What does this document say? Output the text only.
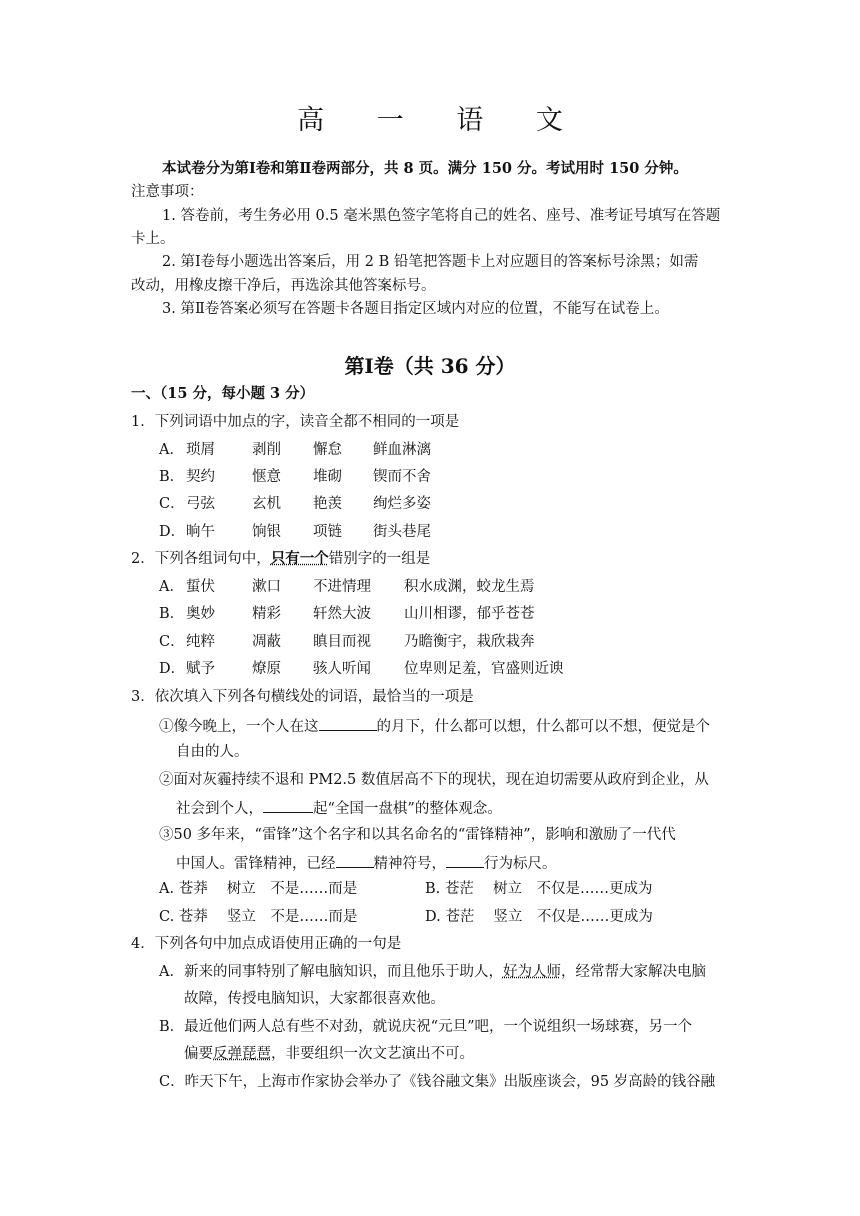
高 一 语 文
本试卷分为第Ⅰ卷和第Ⅱ卷两部分，共 8 页。满分 150 分。考试用时 150 分钟。
注意事项：
1. 答卷前，考生务必用 0.5 毫米黑色签字笔将自己的姓名、座号、准考证号填写在答题
卡上。
2. 第Ⅰ卷每小题选出答案后，用 2 B 铅笔把答题卡上对应题目的答案标号涂黑；如需
改动，用橡皮擦干净后，再选涂其他答案标号。
3. 第Ⅱ卷答案必须写在答题卡各题目指定区域内对应的位置，不能写在试卷上。
第Ⅰ卷（共 36 分）
一、（15 分，每小题 3 分）
1．下列词语中加点的字，读音全都不相同的一项是
A． 琐屑	剥削 懈怠 鲜血淋漓
B． 契约	惬意 堆砌 锲而不舍
C． 弓弦	玄机 艳羡 绚烂多姿
D． 晌午	饷银 项链 街头巷尾
2．下列各组词句中，只有一个错别字的一组是
A． 蜇伏	漱口 不进情理 积水成渊，蛟龙生焉
B． 奥妙	精彩 轩然大波 山川相谬，郁乎苍苍
C． 纯粹	凋蔽 瞋目而视 乃瞻衡宇，栽欣栽奔
D． 赋予	燎原 骇人听闻 位卑则足羞，官盛则近谀
3．依次填入下列各句横线处的词语，最恰当的一项是
①像今晚上，一个人在这	的月下，什么都可以想，什么都可以不想，便觉是个
自由的人。
②面对灰霾持续不退和 PM2.5 数值居高不下的现状，现在迫切需要从政府到企业，从
社会到个人，	起“全国一盘棋”的整体观念。
③50 多年来，“雷锋”这个名字和以其名命名的“雷锋精神”，影响和激励了一代代
中国人。雷锋精神，已经	精神符号，	行为标尺。
A. 苍莽　 树立　不是……而是	B. 苍茫　 树立　不仅是……更成为
C. 苍莽　 竖立　不是……而是	D. 苍茫　 竖立　不仅是……更成为
4．下列各句中加点成语使用正确的一句是
A．新来的同事特别了解电脑知识，而且他乐于助人，好为人师，经常帮大家解决电脑
故障，传授电脑知识，大家都很喜欢他。
B．最近他们两人总有些不对劲，就说庆祝“元旦”吧，一个说组织一场球赛，另一个
偏要反弹琵琶，非要组织一次文艺演出不可。
C．昨天下午，上海市作家协会举办了《钱谷融文集》出版座谈会，95 岁高龄的钱谷融
